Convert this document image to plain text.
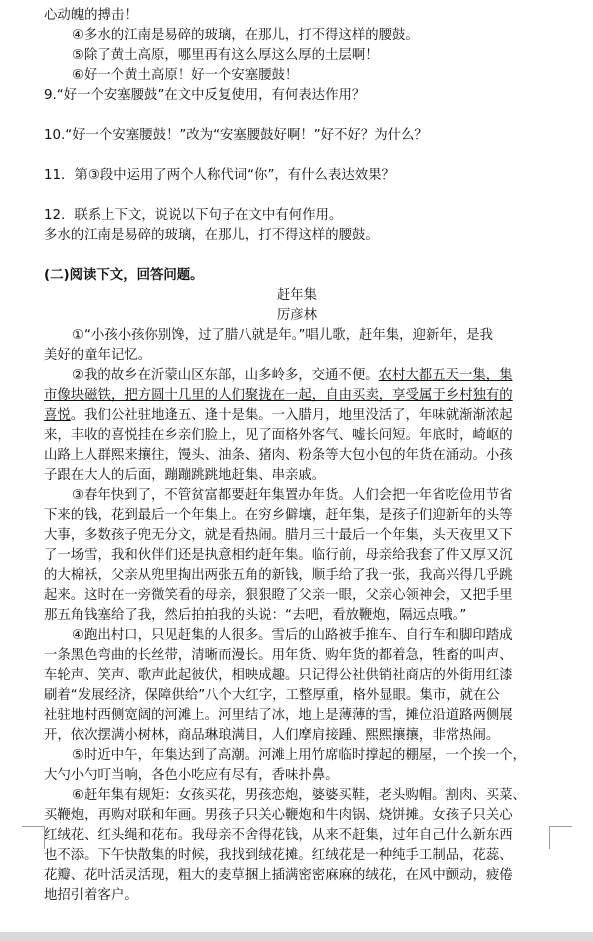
心动魄的搏击！

④多水的江南是易碎的玻璃，在那儿，打不得这样的腰鼓。

⑤除了黄土高原，哪里再有这么厚这么厚的土层啊！

⑥好一个黄土高原！好一个安塞腰鼓！

9.“好一个安塞腰鼓”在文中反复使用，有何表达作用？

10.“好一个安塞腰鼓！”改为“安塞腰鼓好啊！”好不好？为什么？

11．第③段中运用了两个人称代词“你”，有什么表达效果？

12．联系上下文，说说以下句子在文中有何作用。

多水的江南是易碎的玻璃，在那儿，打不得这样的腰鼓。

(二)阅读下文，回答问题。

赶年集

厉彦林

①“小孩小孩你别馋，过了腊八就是年。”唱儿歌，赶年集，迎新年，是我

美好的童年记忆。

②我的故乡在沂蒙山区东部，山多岭多，交通不便。农村大都五天一集，集

市像块磁铁，把方圆十几里的人们聚拢在一起，自由买卖，享受属于乡村独有的

喜悦。我们公社驻地逢五、逢十是集。一入腊月，地里没活了，年味就渐渐浓起

来，丰收的喜悦挂在乡亲们脸上，见了面格外客气、嘘长问短。年底时，崎岖的

山路上人群熙来攘往，馒头、油条、猪肉、粉条等大包小包的年货在涌动。小孩

子跟在大人的后面，蹦蹦跳跳地赶集、串亲戚。

③春年快到了，不管贫富都要赶年集置办年货。人们会把一年省吃俭用节省

下来的钱，花到最后一个年集上。在穷乡僻壤，赶年集，是孩子们迎新年的头等

大事，多数孩子兜无分文，就是看热闹。腊月三十最后一个年集，头天夜里又下

了一场雪，我和伙伴们还是执意相约赶年集。临行前，母亲给我套了件又厚又沉

的大棉袄，父亲从兜里掏出两张五角的新钱，顺手给了我一张，我高兴得几乎跳

起来。这时在一旁微笑看的母亲，狠狠瞪了父亲一眼，父亲心领神会，又把手里

那五角钱塞给了我，然后拍拍我的头说：“去吧，看放鞭炮，隔远点哦。”

④跑出村口，只见赶集的人很多。雪后的山路被手推车、自行车和脚印踏成

一条黑色弯曲的长丝带，清晰而漫长。用年货、购年货的都着急，牲畜的叫声、

车轮声、笑声、歌声此起彼伏，相映成趣。只记得公社供销社商店的外街用红漆

刷着“发展经济，保障供给”八个大红字，工整厚重，格外显眼。集市，就在公

社驻地村西侧宽阔的河滩上。河里结了冰，地上是薄薄的雪，摊位沿道路两侧展

开，依次摆满小树林，商品琳琅满目，人们摩肩接踵、熙熙攘攘，非常热闹。

⑤时近中午，年集达到了高潮。河滩上用竹席临时撑起的棚屋，一个挨一个，

大勺小勺叮当响，各色小吃应有尽有，香味扑鼻。

⑥赶年集有规矩：女孩买花，男孩恋炮，婆婆买鞋，老头购帽。割肉、买菜、

买鞭炮，再购对联和年画。男孩子只关心鞭炮和牛肉锅、烧饼摊。女孩子只关心

红绒花、红头绳和花布。我母亲不舍得花钱，从来不赶集，过年自己什么新东西

也不添。下午快散集的时候，我找到绒花摊。红绒花是一种纯手工制品，花蕊、

花瓣、花叶活灵活现，粗大的麦草捆上插满密密麻麻的绒花，在风中颤动，疲倦

地招引着客户。
